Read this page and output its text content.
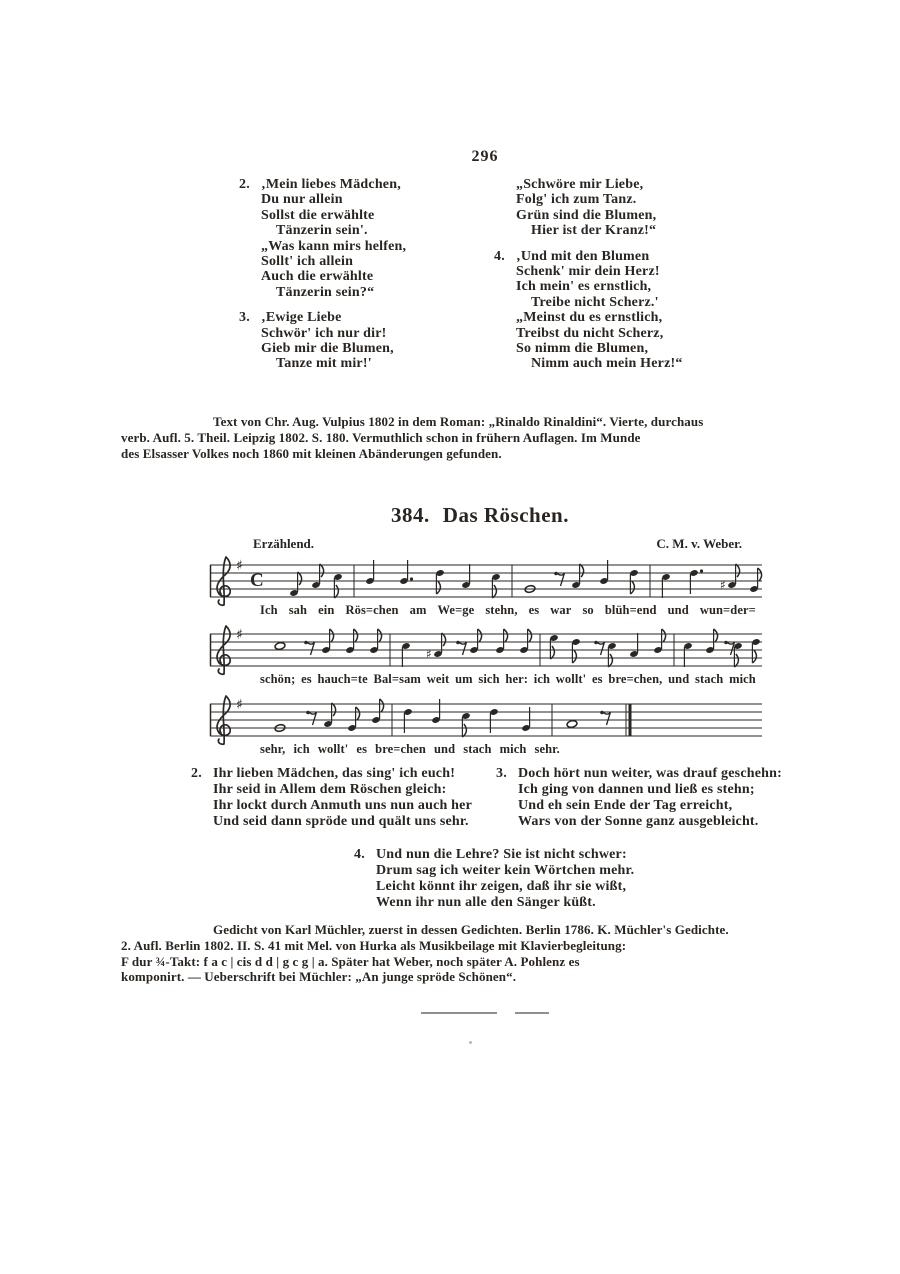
296
2. ‚Mein liebes Mädchen,
Du nur allein
Sollst die erwählte
Tänzerin sein'.
„Was kann mirs helfen,
Sollt' ich allein
Auch die erwählte
Tänzerin sein?“
3. ‚Ewige Liebe
Schwör' ich nur dir!
Gieb mir die Blumen,
Tanze mit mir!'
„Schwöre mir Liebe,
Folg' ich zum Tanz.
Grün sind die Blumen,
Hier ist der Kranz!“
4. ‚Und mit den Blumen
Schenk' mir dein Herz!
Ich mein' es ernstlich,
Treibe nicht Scherz.'
„Meinst du es ernstlich,
Treibst du nicht Scherz,
So nimm die Blumen,
Nimm auch mein Herz!“
Text von Chr. Aug. Vulpius 1802 in dem Roman: „Rinaldo Rinaldini“. Vierte, durchaus
verb. Aufl. 5. Theil. Leipzig 1802. S. 180. Vermuthlich schon in frühern Auflagen. Im Munde
des Elsasser Volkes noch 1860 mit kleinen Abänderungen gefunden.
384. Das Röschen.
Erzählend.	C. M. v. Weber.
♯
C	♯
Ich sah ein Rös=chen am We=ge stehn, es war so blüh=end und wun=der=
♯
♯
schön; es hauch=te Bal=sam weit um sich her: ich wollt' es bre=chen, und stach mich
♯
sehr, ich wollt' es bre=chen und stach mich sehr.
2. Ihr lieben Mädchen, das sing' ich euch!
Ihr seid in Allem dem Röschen gleich:
Ihr lockt durch Anmuth uns nun auch her
Und seid dann spröde und quält uns sehr.
3. Doch hört nun weiter, was drauf geschehn:
Ich ging von dannen und ließ es stehn;
Und eh sein Ende der Tag erreicht,
Wars von der Sonne ganz ausgebleicht.
4. Und nun die Lehre? Sie ist nicht schwer:
Drum sag ich weiter kein Wörtchen mehr.
Leicht könnt ihr zeigen, daß ihr sie wißt,
Wenn ihr nun alle den Sänger küßt.
Gedicht von Karl Müchler, zuerst in dessen Gedichten. Berlin 1786. K. Müchler's Gedichte.
2. Aufl. Berlin 1802. II. S. 41 mit Mel. von Hurka als Musikbeilage mit Klavierbegleitung:
F dur ¾-Takt: f a c | cis d d | g c g | a. Später hat Weber, noch später A. Pohlenz es
komponirt. — Ueberschrift bei Müchler: „An junge spröde Schönen“.
